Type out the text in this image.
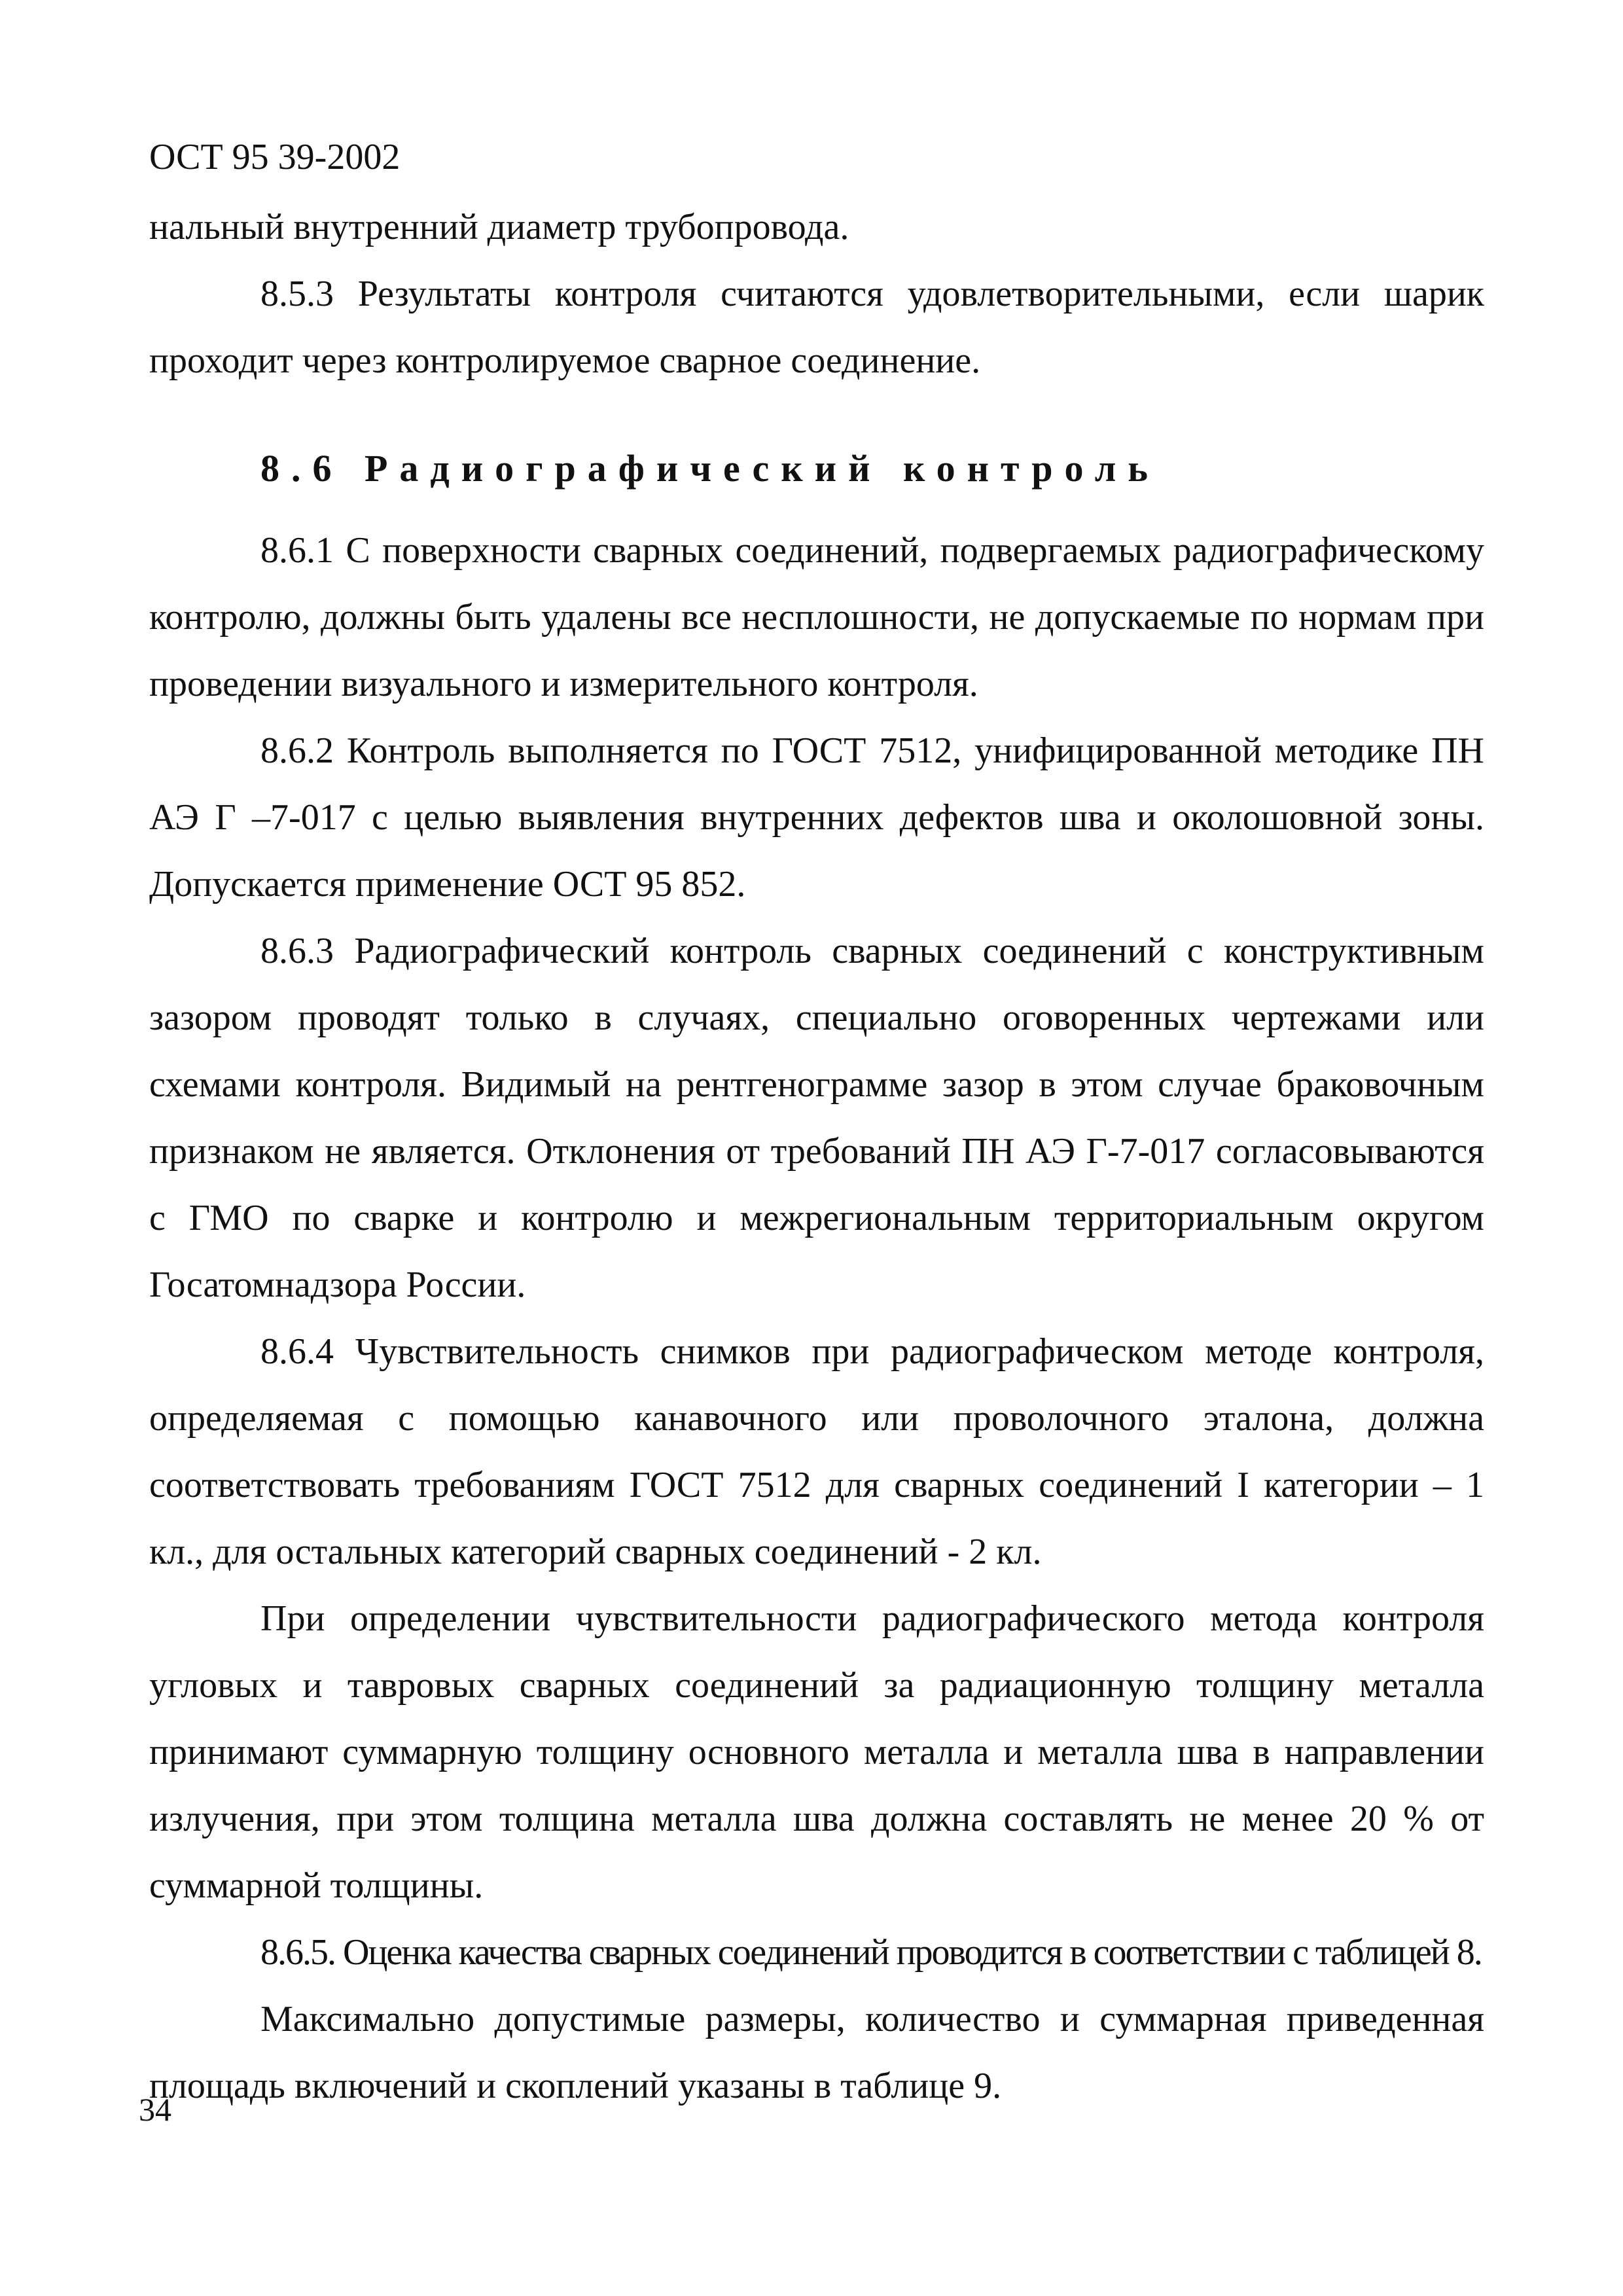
ОСТ 95 39-2002

нальный внутренний диаметр трубопровода.

8.5.3 Результаты контроля считаются удовлетворительными, если шарик проходит через контролируемое сварное соединение.

8.6 Радиографический контроль

8.6.1 С поверхности сварных соединений, подвергаемых радиографическому контролю, должны быть удалены все несплошности, не допускаемые по нормам при проведении визуального и измерительного контроля.

8.6.2 Контроль выполняется по ГОСТ 7512, унифицированной методике ПН АЭ Г –7-017 с целью выявления внутренних дефектов шва и околошовной зоны. Допускается применение ОСТ 95 852.

8.6.3 Радиографический контроль сварных соединений с конструктивным зазором проводят только в случаях, специально оговоренных чертежами или схемами контроля. Видимый на рентгенограмме зазор в этом случае браковочным признаком не является. Отклонения от требований ПН АЭ Г-7-017 согласовываются с ГМО по сварке и контролю и межрегиональным территориальным округом Госатомнадзора России.

8.6.4 Чувствительность снимков при радиографическом методе контроля, определяемая с помощью канавочного или проволочного эталона, должна соответствовать требованиям ГОСТ 7512 для сварных соединений I категории – 1 кл., для остальных категорий сварных соединений - 2 кл.

При определении чувствительности радиографического метода контроля угловых и тавровых сварных соединений за радиационную толщину металла принимают суммарную толщину основного металла и металла шва в направлении излучения, при этом толщина металла шва должна составлять не менее 20 % от суммарной толщины.

8.6.5. Оценка качества сварных соединений проводится в соответствии с таблицей 8.

Максимально допустимые размеры, количество и суммарная приведенная площадь включений и скоплений указаны в таблице 9.

34
